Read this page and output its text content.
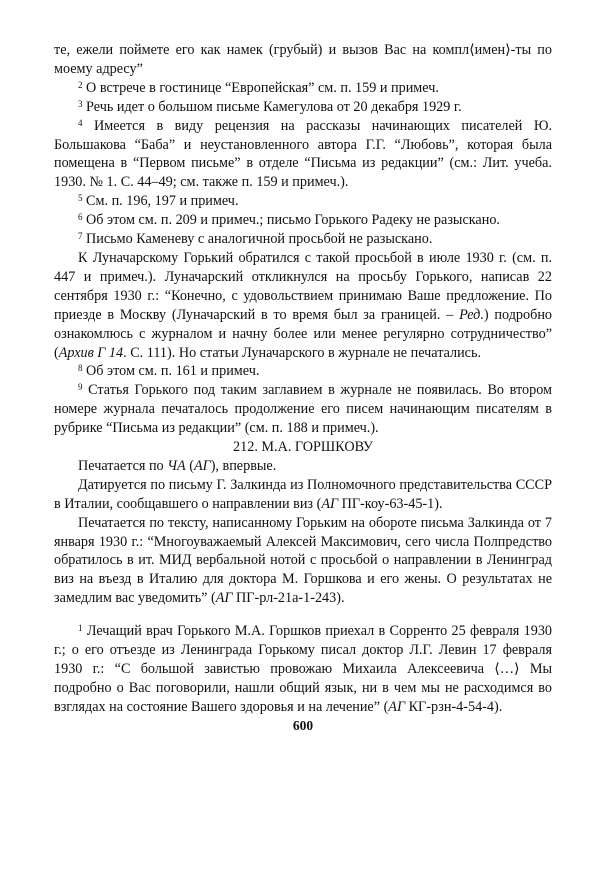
те, ежели поймете его как намек (грубый) и вызов Вас на компл⟨имен⟩-ты по моему адресу”

$^2$ О встрече в гостинице “Европейская” см. п. 159 и примеч.

$^3$ Речь идет о большом письме Камегулова от 20 декабря 1929 г.

$^4$ Имеется в виду рецензия на рассказы начинающих писателей Ю. Большакова “Баба” и неустановленного автора Г.Г. “Любовь”, которая была помещена в “Первом письме” в отделе “Письма из редакции” (см.: Лит. учеба. 1930. № 1. С. 44–49; см. также п. 159 и примеч.).

$^5$ См. п. 196, 197 и примеч.

$^6$ Об этом см. п. 209 и примеч.; письмо Горького Радеку не разыскано.

$^7$ Письмо Каменеву с аналогичной просьбой не разыскано.

К Луначарскому Горький обратился с такой просьбой в июле 1930 г. (см. п. 447 и примеч.). Луначарский откликнулся на просьбу Горького, написав 22 сентября 1930 г.: “Конечно, с удовольствием принимаю Ваше предложение. По приезде в Москву (Луначарский в то время был за границей. – Ред.) подробно ознакомлюсь с журналом и начну более или менее регулярно сотрудничество” (Архив Г 14. С. 111). Но статьи Луначарского в журнале не печатались.

$^8$ Об этом см. п. 161 и примеч.

$^9$ Статья Горького под таким заглавием в журнале не появилась. Во втором номере журнала печаталось продолжение его писем начинающим писателям в рубрике “Письма из редакции” (см. п. 188 и примеч.).

212. М.А. ГОРШКОВУ

Печатается по ЧА (АГ), впервые.

Датируется по письму Г. Залкинда из Полномочного представительства СССР в Италии, сообщавшего о направлении виз (АГ ПГ-коу-63-45-1).

Печатается по тексту, написанному Горьким на обороте письма Залкинда от 7 января 1930 г.: “Многоуважаемый Алексей Максимович, сего числа Полпредство обратилось в ит. МИД вербальной нотой с просьбой о направлении в Ленинград виз на въезд в Италию для доктора М. Горшкова и его жены. О результатах не замедлим вас уведомить” (АГ ПГ-рл-21а-1-243).

$^1$ Лечащий врач Горького М.А. Горшков приехал в Сорренто 25 февраля 1930 г.; о его отъезде из Ленинграда Горькому писал доктор Л.Г. Левин 17 февраля 1930 г.: “С большой завистью провожаю Михаила Алексеевича ⟨…⟩ Мы подробно о Вас поговорили, нашли общий язык, ни в чем мы не расходимся во взглядах на состояние Вашего здоровья и на лечение” (АГ КГ-рзн-4-54-4).

600
